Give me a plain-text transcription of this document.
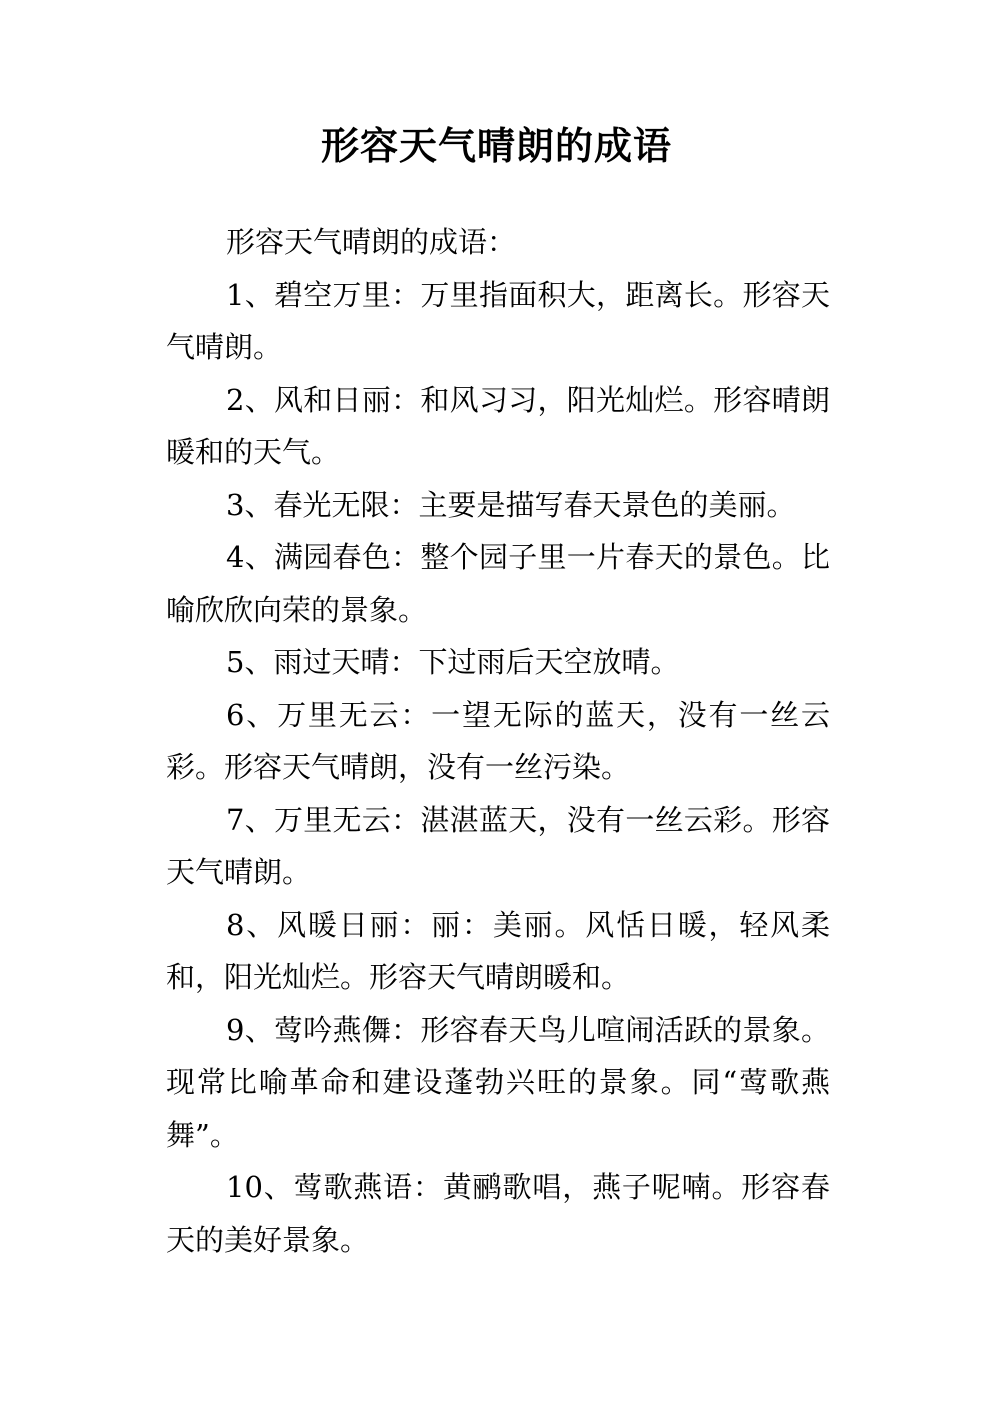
形容天气晴朗的成语

形容天气晴朗的成语：

1、碧空万里：万里指面积大，距离长。形容天气晴朗。

2、风和日丽：和风习习，阳光灿烂。形容晴朗暖和的天气。

3、春光无限：主要是描写春天景色的美丽。

4、满园春色：整个园子里一片春天的景色。比喻欣欣向荣的景象。

5、雨过天晴：下过雨后天空放晴。

6、万里无云：一望无际的蓝天，没有一丝云彩。形容天气晴朗，没有一丝污染。

7、万里无云：湛湛蓝天，没有一丝云彩。形容天气晴朗。

8、风暖日丽：丽：美丽。风恬日暖，轻风柔和，阳光灿烂。形容天气晴朗暖和。

9、莺吟燕儛：形容春天鸟儿喧闹活跃的景象。现常比喻革命和建设蓬勃兴旺的景象。同“莺歌燕舞”。

10、莺歌燕语：黄鹂歌唱，燕子呢喃。形容春天的美好景象。
